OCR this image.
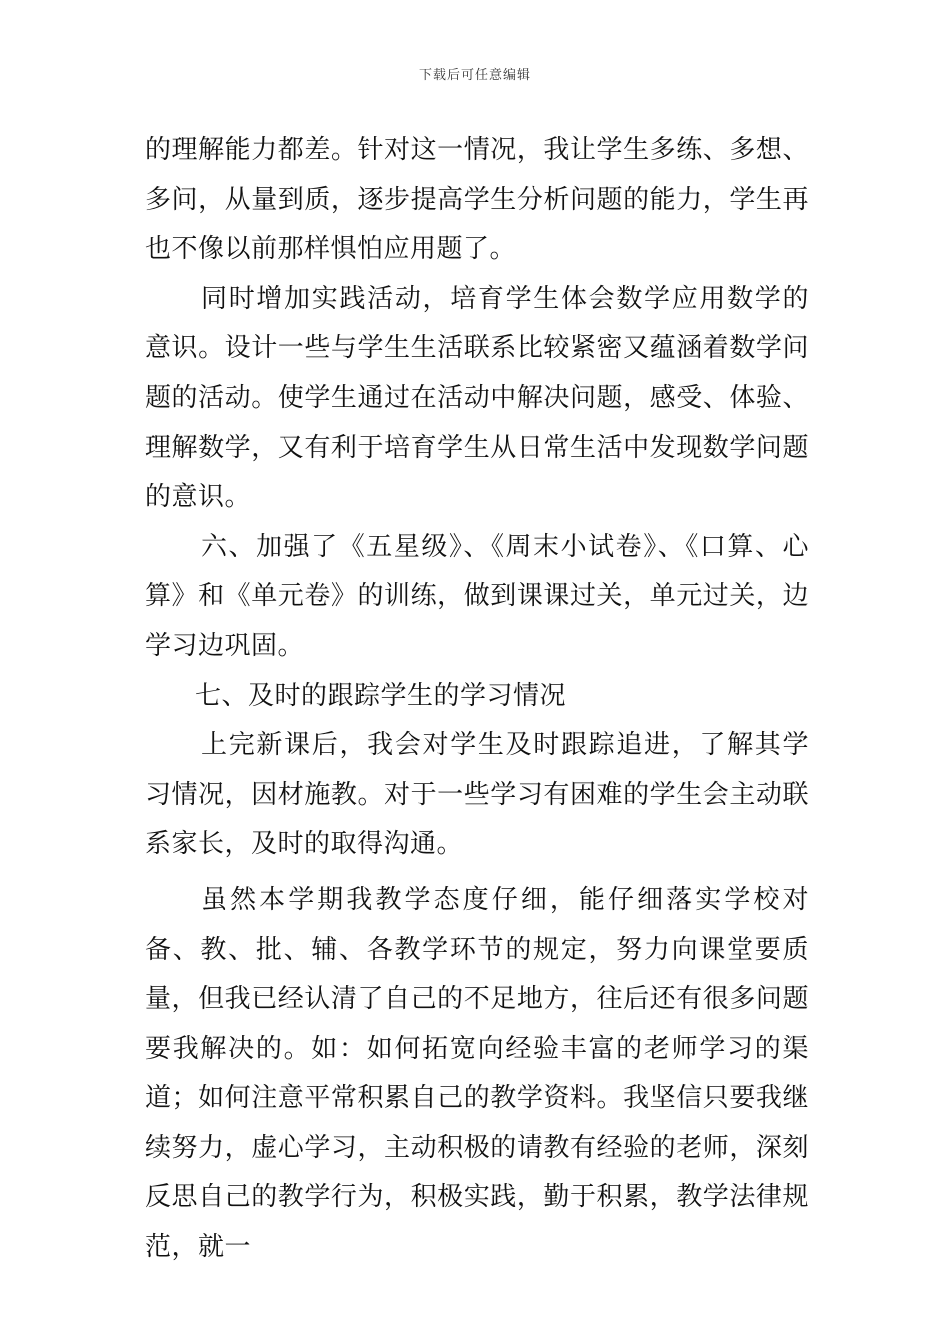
下载后可任意编辑

的理解能力都差。针对这一情况，我让学生多练、多想、多问，从量到质，逐步提高学生分析问题的能力，学生再也不像以前那样惧怕应用题了。

同时增加实践活动，培育学生体会数学应用数学的意识。设计一些与学生生活联系比较紧密又蕴涵着数学问题的活动。使学生通过在活动中解决问题，感受、体验、理解数学，又有利于培育学生从日常生活中发现数学问题的意识。

六、加强了《五星级》、《周末小试卷》、《口算、心算》和《单元卷》的训练，做到课课过关，单元过关，边学习边巩固。

七、及时的跟踪学生的学习情况

上完新课后，我会对学生及时跟踪追进，了解其学习情况，因材施教。对于一些学习有困难的学生会主动联系家长，及时的取得沟通。

虽然本学期我教学态度仔细，能仔细落实学校对备、教、批、辅、各教学环节的规定，努力向课堂要质量，但我已经认清了自己的不足地方，往后还有很多问题要我解决的。如：如何拓宽向经验丰富的老师学习的渠道；如何注意平常积累自己的教学资料。我坚信只要我继续努力，虚心学习，主动积极的请教有经验的老师，深刻反思自己的教学行为，积极实践，勤于积累，教学法律规范，就一
